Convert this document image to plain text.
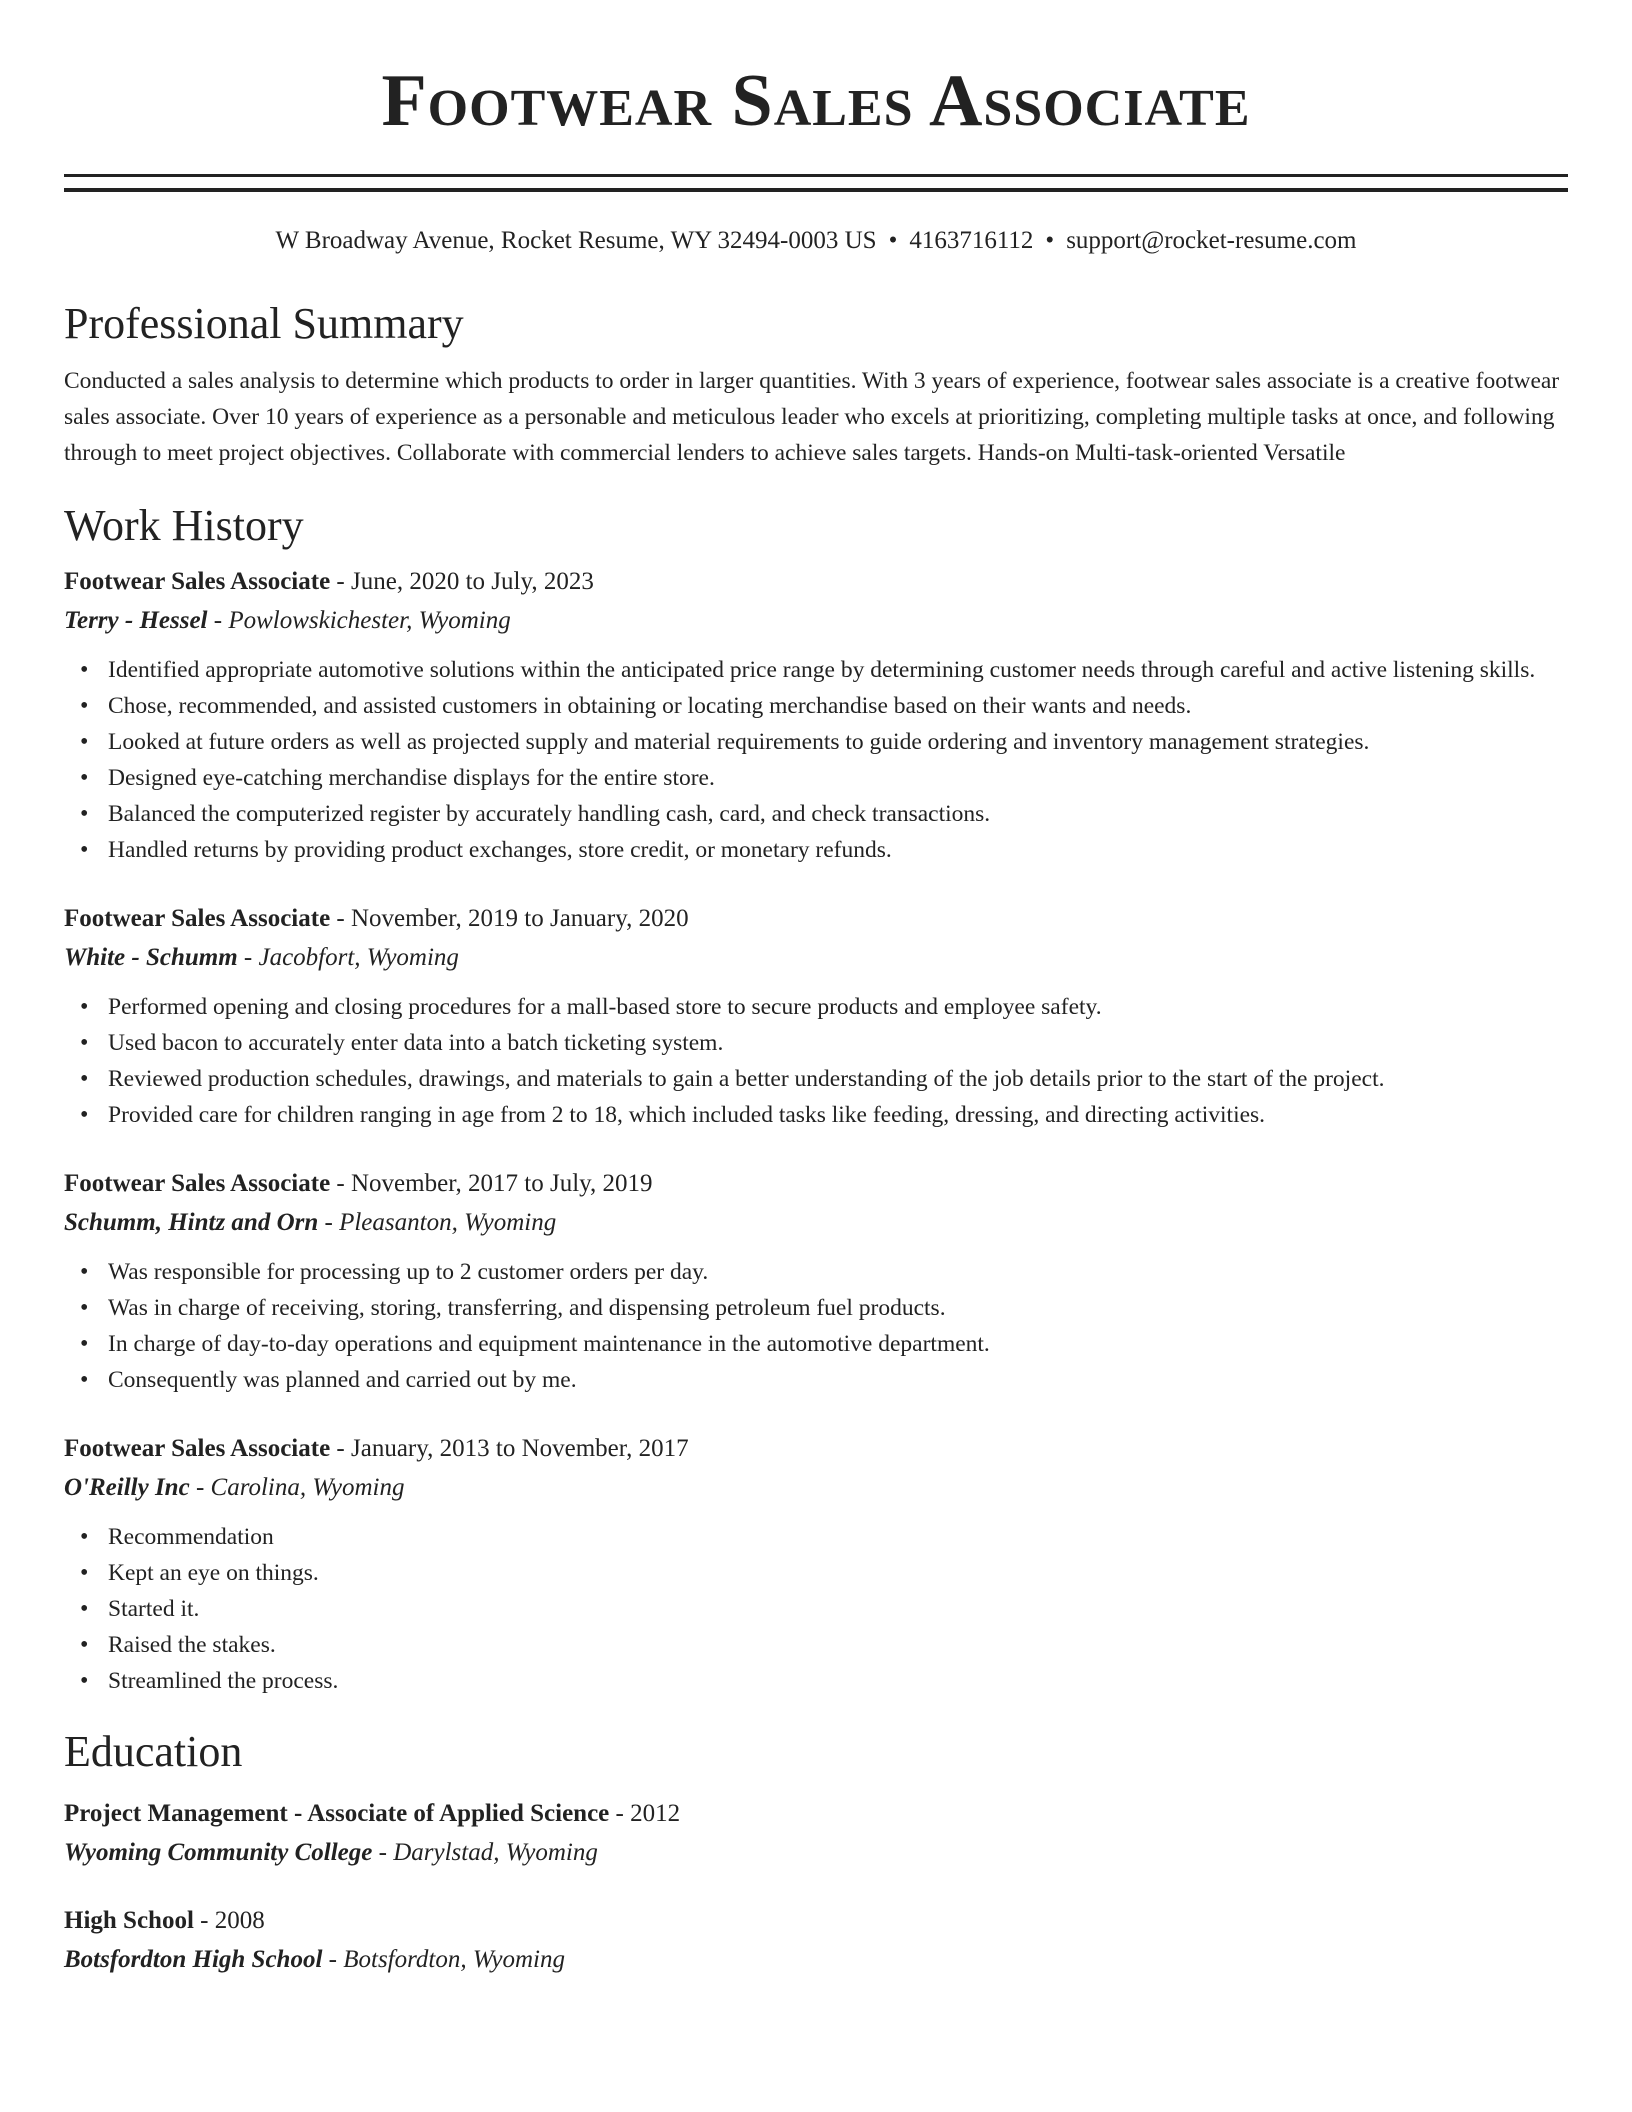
Footwear Sales Associate
W Broadway Avenue, Rocket Resume, WY 32494-0003 US • 4163716112 • support@rocket-resume.com
Professional Summary
Conducted a sales analysis to determine which products to order in larger quantities. With 3 years of experience, footwear sales associate is a creative footwear sales associate. Over 10 years of experience as a personable and meticulous leader who excels at prioritizing, completing multiple tasks at once, and following through to meet project objectives. Collaborate with commercial lenders to achieve sales targets. Hands-on Multi-task-oriented Versatile
Work History
Footwear Sales Associate - June, 2020 to July, 2023
Terry - Hessel - Powlowskichester, Wyoming
• Identified appropriate automotive solutions within the anticipated price range by determining customer needs through careful and active listening skills.
• Chose, recommended, and assisted customers in obtaining or locating merchandise based on their wants and needs.
• Looked at future orders as well as projected supply and material requirements to guide ordering and inventory management strategies.
• Designed eye-catching merchandise displays for the entire store.
• Balanced the computerized register by accurately handling cash, card, and check transactions.
• Handled returns by providing product exchanges, store credit, or monetary refunds.
Footwear Sales Associate - November, 2019 to January, 2020
White - Schumm - Jacobfort, Wyoming
• Performed opening and closing procedures for a mall-based store to secure products and employee safety.
• Used bacon to accurately enter data into a batch ticketing system.
• Reviewed production schedules, drawings, and materials to gain a better understanding of the job details prior to the start of the project.
• Provided care for children ranging in age from 2 to 18, which included tasks like feeding, dressing, and directing activities.
Footwear Sales Associate - November, 2017 to July, 2019
Schumm, Hintz and Orn - Pleasanton, Wyoming
• Was responsible for processing up to 2 customer orders per day.
• Was in charge of receiving, storing, transferring, and dispensing petroleum fuel products.
• In charge of day-to-day operations and equipment maintenance in the automotive department.
• Consequently was planned and carried out by me.
Footwear Sales Associate - January, 2013 to November, 2017
O'Reilly Inc - Carolina, Wyoming
• Recommendation
• Kept an eye on things.
• Started it.
• Raised the stakes.
• Streamlined the process.
Education
Project Management - Associate of Applied Science - 2012
Wyoming Community College - Darylstad, Wyoming
High School - 2008
Botsfordton High School - Botsfordton, Wyoming
